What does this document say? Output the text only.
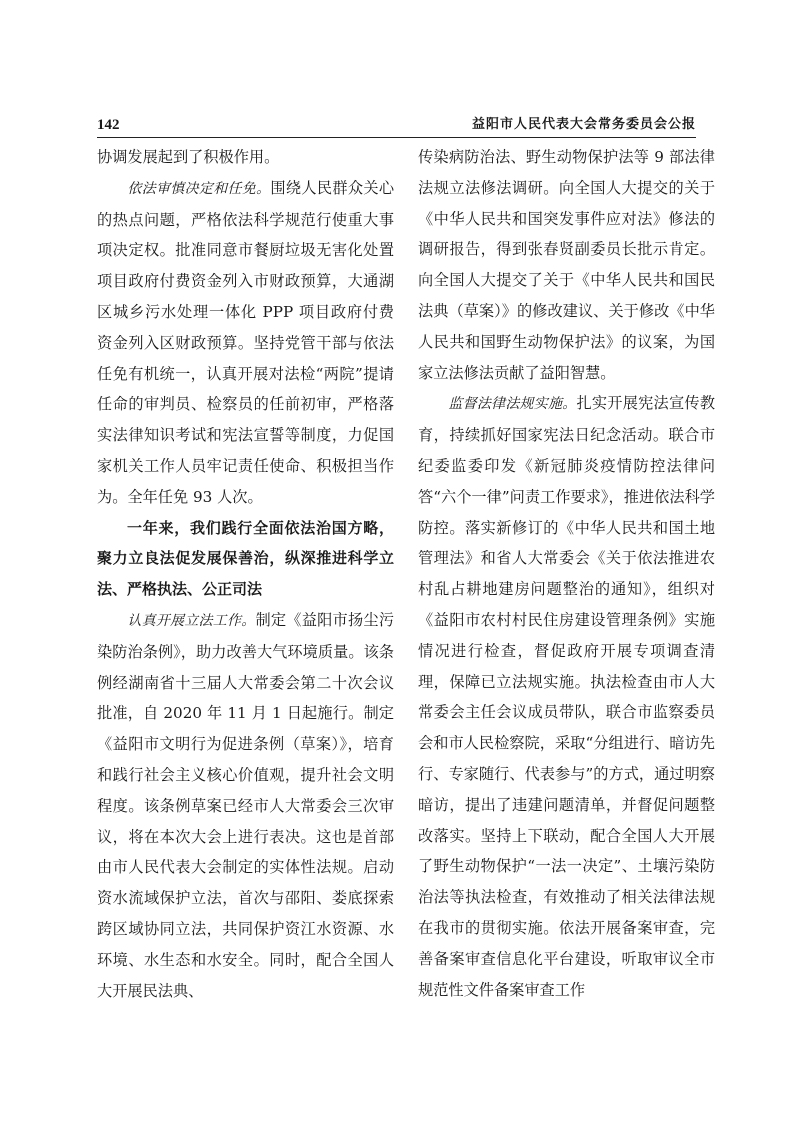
142	益阳市人民代表大会常务委员会公报

协调发展起到了积极作用。

依法审慎决定和任免。围绕人民群众关心的热点问题，严格依法科学规范行使重大事项决定权。批准同意市餐厨垃圾无害化处置项目政府付费资金列入市财政预算，大通湖区城乡污水处理一体化 PPP 项目政府付费资金列入区财政预算。坚持党管干部与依法任免有机统一，认真开展对法检“两院”提请任命的审判员、检察员的任前初审，严格落实法律知识考试和宪法宣誓等制度，力促国家机关工作人员牢记责任使命、积极担当作为。全年任免 93 人次。

一年来，我们践行全面依法治国方略，聚力立良法促发展保善治，纵深推进科学立法、严格执法、公正司法

认真开展立法工作。制定《益阳市扬尘污染防治条例》，助力改善大气环境质量。该条例经湖南省十三届人大常委会第二十次会议批准，自 2020 年 11 月 1 日起施行。制定《益阳市文明行为促进条例（草案）》，培育和践行社会主义核心价值观，提升社会文明程度。该条例草案已经市人大常委会三次审议，将在本次大会上进行表决。这也是首部由市人民代表大会制定的实体性法规。启动资水流域保护立法，首次与邵阳、娄底探索跨区域协同立法，共同保护资江水资源、水环境、水生态和水安全。同时，配合全国人大开展民法典、

传染病防治法、野生动物保护法等 9 部法律法规立法修法调研。向全国人大提交的关于《中华人民共和国突发事件应对法》修法的调研报告，得到张春贤副委员长批示肯定。向全国人大提交了关于《中华人民共和国民法典（草案）》的修改建议、关于修改《中华人民共和国野生动物保护法》的议案，为国家立法修法贡献了益阳智慧。

监督法律法规实施。扎实开展宪法宣传教育，持续抓好国家宪法日纪念活动。联合市纪委监委印发《新冠肺炎疫情防控法律问答“六个一律”问责工作要求》，推进依法科学防控。落实新修订的《中华人民共和国土地管理法》和省人大常委会《关于依法推进农村乱占耕地建房问题整治的通知》，组织对《益阳市农村村民住房建设管理条例》实施情况进行检查，督促政府开展专项调查清理，保障已立法规实施。执法检查由市人大常委会主任会议成员带队，联合市监察委员会和市人民检察院，采取“分组进行、暗访先行、专家随行、代表参与”的方式，通过明察暗访，提出了违建问题清单，并督促问题整改落实。坚持上下联动，配合全国人大开展了野生动物保护“一法一决定”、土壤污染防治法等执法检查，有效推动了相关法律法规在我市的贯彻实施。依法开展备案审查，完善备案审查信息化平台建设，听取审议全市规范性文件备案审查工作
